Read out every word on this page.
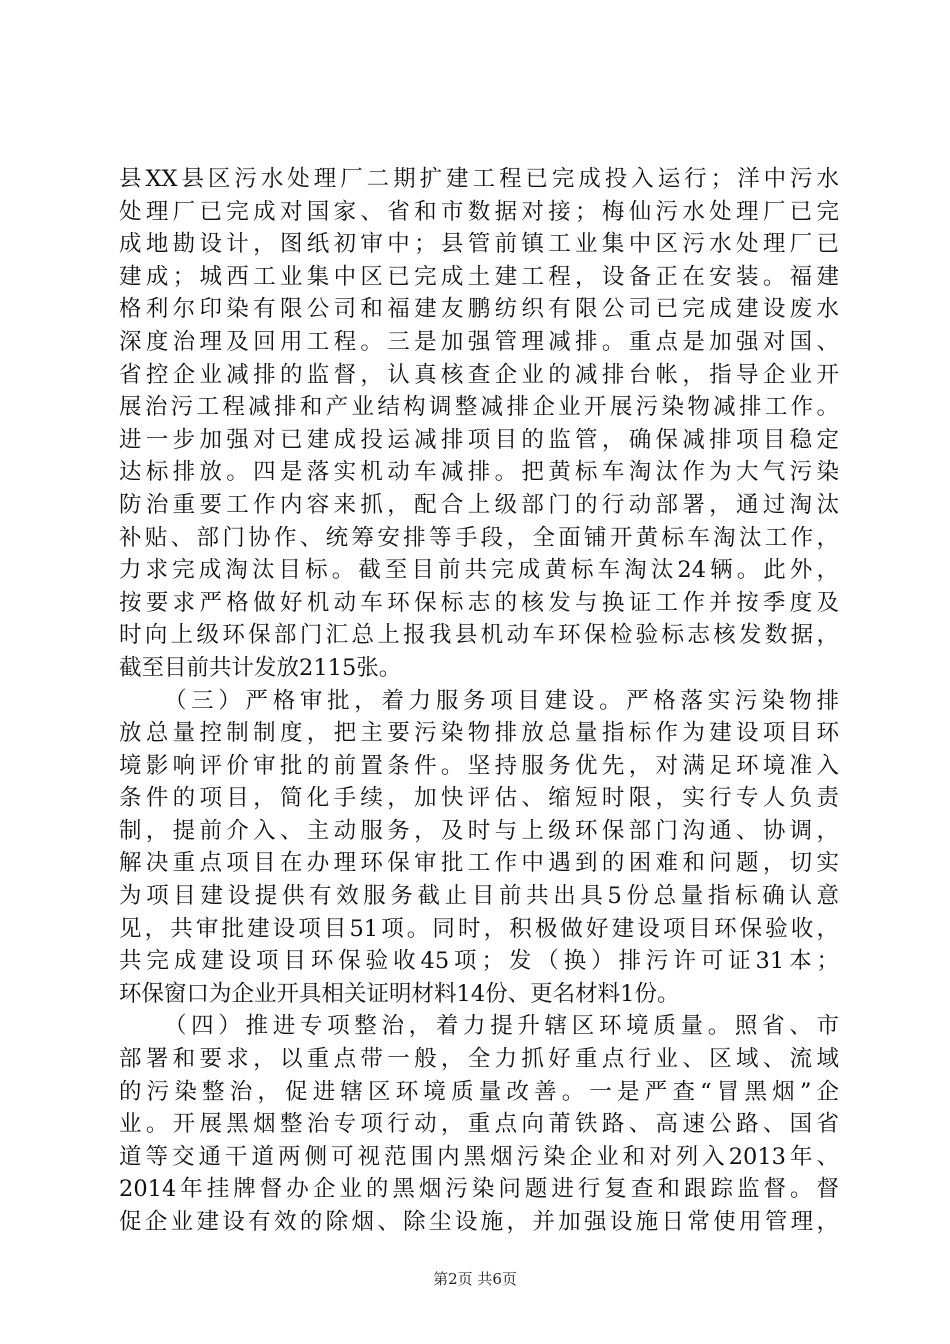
县XX县区污水处理厂二期扩建工程已完成投入运行；洋中污水
处理厂已完成对国家、省和市数据对接；梅仙污水处理厂已完
成地勘设计，图纸初审中；县管前镇工业集中区污水处理厂已
建成；城西工业集中区已完成土建工程，设备正在安装。福建
格利尔印染有限公司和福建友鹏纺织有限公司已完成建设废水
深度治理及回用工程。三是加强管理减排。重点是加强对国、
省控企业减排的监督，认真核查企业的减排台帐，指导企业开
展治污工程减排和产业结构调整减排企业开展污染物减排工作。
进一步加强对已建成投运减排项目的监管，确保减排项目稳定
达标排放。四是落实机动车减排。把黄标车淘汰作为大气污染
防治重要工作内容来抓，配合上级部门的行动部署，通过淘汰
补贴、部门协作、统筹安排等手段，全面铺开黄标车淘汰工作，
力求完成淘汰目标。截至目前共完成黄标车淘汰24辆。此外，
按要求严格做好机动车环保标志的核发与换证工作并按季度及
时向上级环保部门汇总上报我县机动车环保检验标志核发数据，
截至目前共计发放2115张。
（三）严格审批，着力服务项目建设。严格落实污染物排
放总量控制制度，把主要污染物排放总量指标作为建设项目环
境影响评价审批的前置条件。坚持服务优先，对满足环境准入
条件的项目，简化手续，加快评估、缩短时限，实行专人负责
制，提前介入、主动服务，及时与上级环保部门沟通、协调，
解决重点项目在办理环保审批工作中遇到的困难和问题，切实
为项目建设提供有效服务截止目前共出具5份总量指标确认意
见，共审批建设项目51项。同时，积极做好建设项目环保验收，
共完成建设项目环保验收45项；发（换）排污许可证31本；
环保窗口为企业开具相关证明材料14份、更名材料1份。
（四）推进专项整治，着力提升辖区环境质量。照省、市
部署和要求，以重点带一般，全力抓好重点行业、区域、流域
的污染整治，促进辖区环境质量改善。一是严查“冒黑烟”企
业。开展黑烟整治专项行动，重点向莆铁路、高速公路、国省
道等交通干道两侧可视范围内黑烟污染企业和对列入2013年、
2014年挂牌督办企业的黑烟污染问题进行复查和跟踪监督。督
促企业建设有效的除烟、除尘设施，并加强设施日常使用管理，
第2页 共6页
